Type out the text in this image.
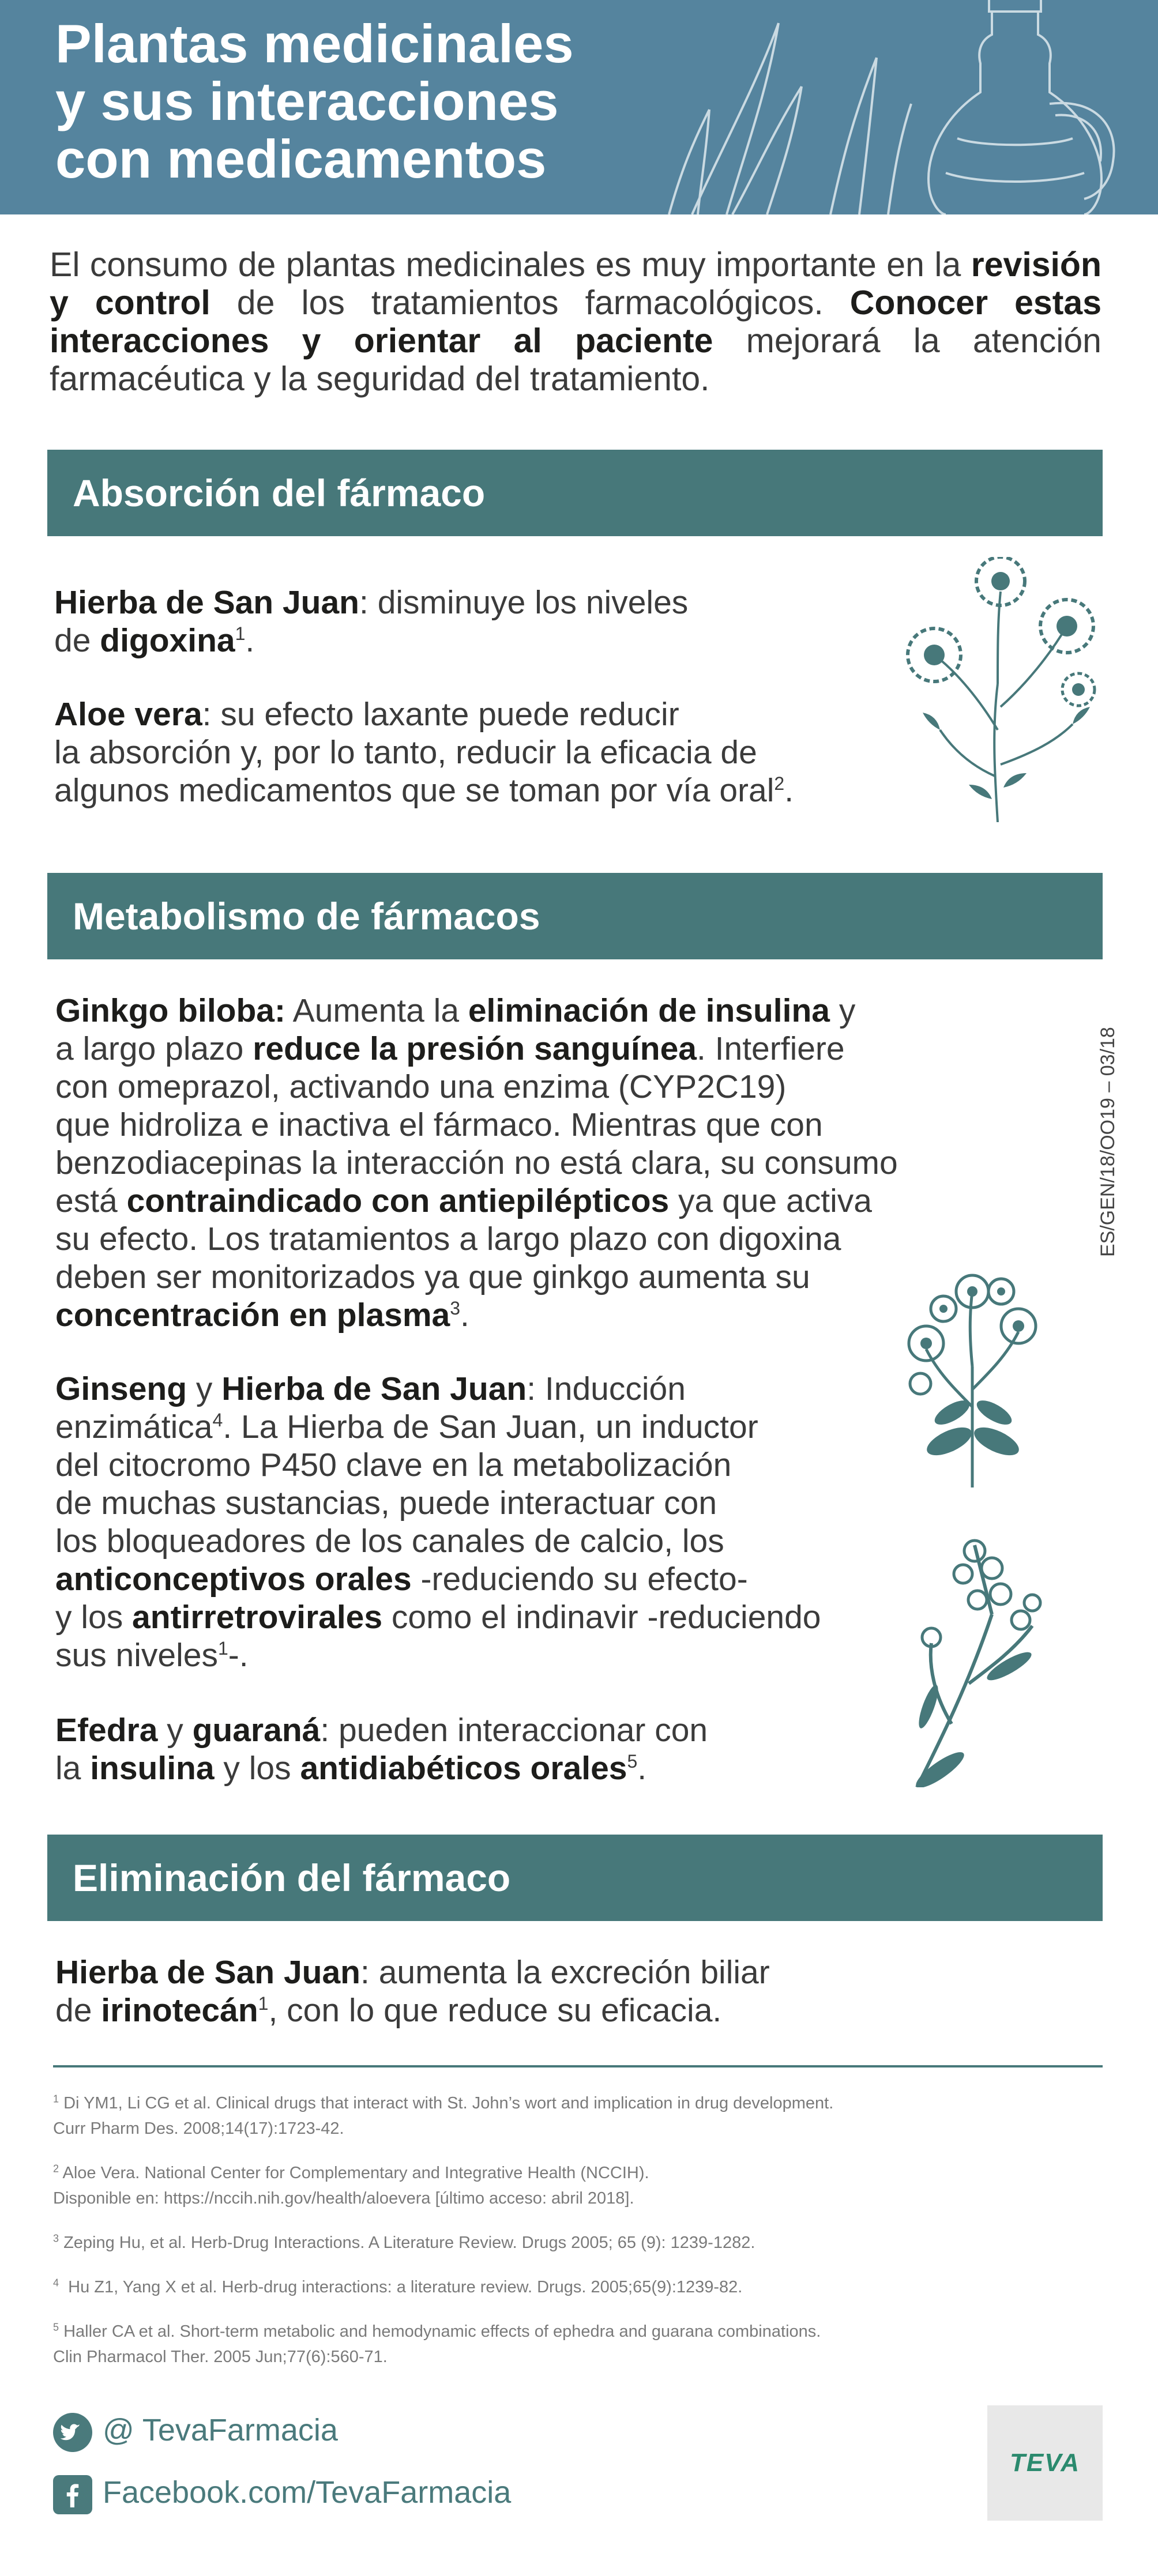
Plantas medicinales
y sus interacciones
con medicamentos
El consumo de plantas medicinales es muy importante en la revisión y control de los tratamientos farmacológicos. Conocer estas interacciones y orientar al paciente mejorará la atención farmacéutica y la seguridad del tratamiento.
Absorción del fármaco
Hierba de San Juan: disminuye los niveles
de digoxina$^1$.
Aloe vera: su efecto laxante puede reducir
la absorción y, por lo tanto, reducir la eficacia de
algunos medicamentos que se toman por vía oral$^2$.
Metabolismo de fármacos
Ginkgo biloba: Aumenta la eliminación de insulina y
a largo plazo reduce la presión sanguínea. Interfiere
con omeprazol, activando una enzima (CYP2C19)
que hidroliza e inactiva el fármaco. Mientras que con
benzodiacepinas la interacción no está clara, su consumo
está contraindicado con antiepilépticos ya que activa
su efecto. Los tratamientos a largo plazo con digoxina
deben ser monitorizados ya que ginkgo aumenta su
concentración en plasma$^3$.
Ginseng y Hierba de San Juan: Inducción
enzimática$^4$. La Hierba de San Juan, un inductor
del citocromo P450 clave en la metabolización
de muchas sustancias, puede interactuar con
los bloqueadores de los canales de calcio, los
anticonceptivos orales -reduciendo su efecto-
y los antirretrovirales como el indinavir -reduciendo
sus niveles$^1$-.
Efedra y guaraná: pueden interaccionar con
la insulina y los antidiabéticos orales$^5$.
ES/GEN/18/OO19 – 03/18
Eliminación del fármaco
Hierba de San Juan: aumenta la excreción biliar
de irinotecán$^1$, con lo que reduce su eficacia.

$^1$ Di YM1, Li CG et al. Clinical drugs that interact with St. John’s wort and implication in drug development.
Curr Pharm Des. 2008;14(17):1723-42.

$^2$ Aloe Vera. National Center for Complementary and Integrative Health (NCCIH).
Disponible en: https://nccih.nih.gov/health/aloevera [último acceso: abril 2018].

$^3$ Zeping Hu, et al. Herb-Drug Interactions. A Literature Review. Drugs 2005; 65 (9): 1239-1282.

$^4$ Hu Z1, Yang X et al. Herb-drug interactions: a literature review. Drugs. 2005;65(9):1239-82.

$^5$ Haller CA et al. Short-term metabolic and hemodynamic effects of ephedra and guarana combinations.
Clin Pharmacol Ther. 2005 Jun;77(6):560-71.

@ TevaFarmacia
Facebook.com/TevaFarmacia
TEVA
